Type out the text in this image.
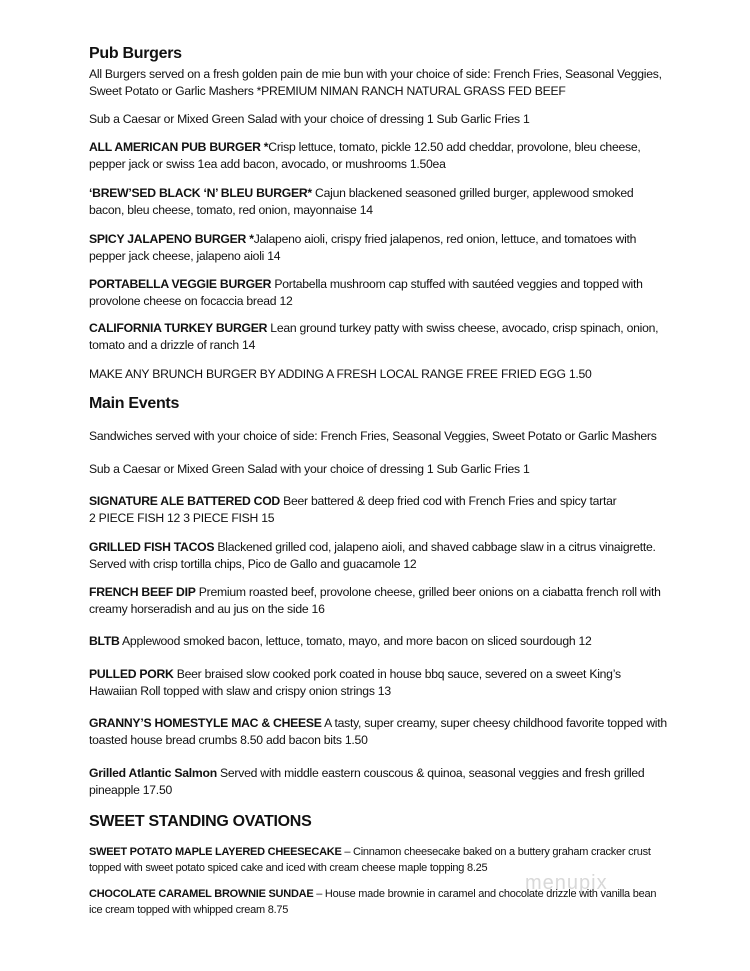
Pub Burgers
All Burgers served on a fresh golden pain de mie bun with your choice of side: French Fries, Seasonal Veggies, Sweet Potato or Garlic Mashers *PREMIUM NIMAN RANCH NATURAL GRASS FED BEEF
Sub a Caesar or Mixed Green Salad with your choice of dressing 1 Sub Garlic Fries 1
ALL AMERICAN PUB BURGER *Crisp lettuce, tomato, pickle 12.50 add cheddar, provolone, bleu cheese, pepper jack or swiss 1ea add bacon, avocado, or mushrooms 1.50ea
‘BREW’SED BLACK ‘N’ BLEU BURGER* Cajun blackened seasoned grilled burger, applewood smoked bacon, bleu cheese, tomato, red onion, mayonnaise 14
SPICY JALAPENO BURGER *Jalapeno aioli, crispy fried jalapenos, red onion, lettuce, and tomatoes with pepper jack cheese, jalapeno aioli 14
PORTABELLA VEGGIE BURGER Portabella mushroom cap stuffed with sautéed veggies and topped with provolone cheese on focaccia bread 12
CALIFORNIA TURKEY BURGER Lean ground turkey patty with swiss cheese, avocado, crisp spinach, onion, tomato and a drizzle of ranch 14
MAKE ANY BRUNCH BURGER BY ADDING A FRESH LOCAL RANGE FREE FRIED EGG 1.50
Main Events
Sandwiches served with your choice of side: French Fries, Seasonal Veggies, Sweet Potato or Garlic Mashers
Sub a Caesar or Mixed Green Salad with your choice of dressing 1 Sub Garlic Fries 1
SIGNATURE ALE BATTERED COD Beer battered & deep fried cod with French Fries and spicy tartar
2 PIECE FISH 12 3 PIECE FISH 15
GRILLED FISH TACOS Blackened grilled cod, jalapeno aioli, and shaved cabbage slaw in a citrus vinaigrette. Served with crisp tortilla chips, Pico de Gallo and guacamole 12
FRENCH BEEF DIP Premium roasted beef, provolone cheese, grilled beer onions on a ciabatta french roll with creamy horseradish and au jus on the side 16
BLTB Applewood smoked bacon, lettuce, tomato, mayo, and more bacon on sliced sourdough 12
PULLED PORK Beer braised slow cooked pork coated in house bbq sauce, severed on a sweet King’s Hawaiian Roll topped with slaw and crispy onion strings 13
GRANNY’S HOMESTYLE MAC & CHEESE A tasty, super creamy, super cheesy childhood favorite topped with toasted house bread crumbs 8.50 add bacon bits 1.50
Grilled Atlantic Salmon Served with middle eastern couscous & quinoa, seasonal veggies and fresh grilled pineapple 17.50
SWEET STANDING OVATIONS
SWEET POTATO MAPLE LAYERED CHEESECAKE – Cinnamon cheesecake baked on a buttery graham cracker crust topped with sweet potato spiced cake and iced with cream cheese maple topping 8.25
CHOCOLATE CARAMEL BROWNIE SUNDAE – House made brownie in caramel and chocolate drizzle with vanilla bean ice cream topped with whipped cream 8.75
menupix
